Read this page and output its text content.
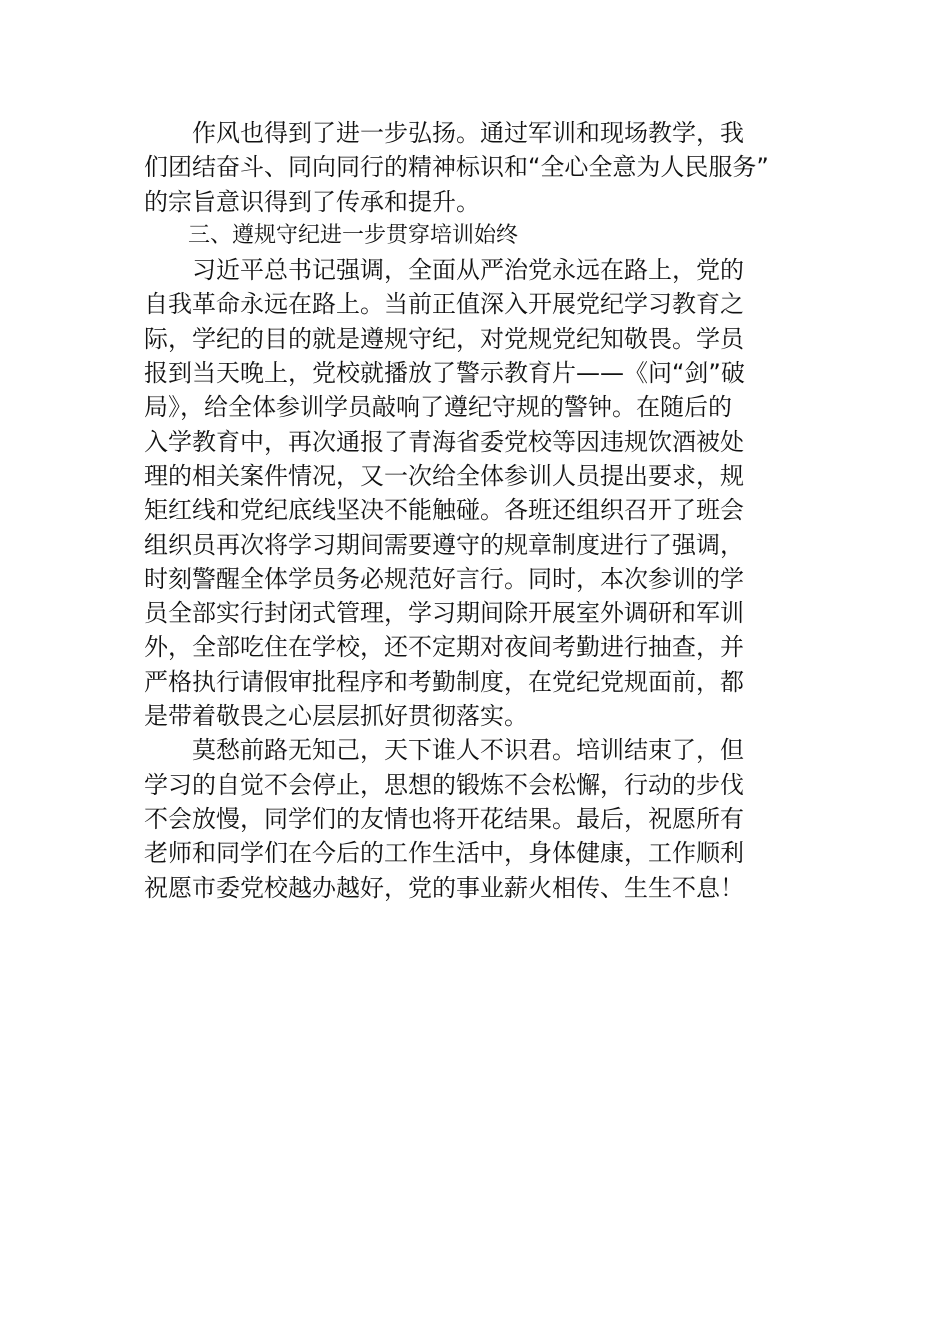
　　作风也得到了进一步弘扬。通过军训和现场教学，我
们团结奋斗、同向同行的精神标识和“全心全意为人民服务”
的宗旨意识得到了传承和提升。

　　三、遵规守纪进一步贯穿培训始终

　　习近平总书记强调，全面从严治党永远在路上，党的
自我革命永远在路上。当前正值深入开展党纪学习教育之
际，学纪的目的就是遵规守纪，对党规党纪知敬畏。学员
报到当天晚上，党校就播放了警示教育片——《问“剑”破
局》，给全体参训学员敲响了遵纪守规的警钟。在随后的
入学教育中，再次通报了青海省委党校等因违规饮酒被处
理的相关案件情况，又一次给全体参训人员提出要求，规
矩红线和党纪底线坚决不能触碰。各班还组织召开了班会
组织员再次将学习期间需要遵守的规章制度进行了强调，
时刻警醒全体学员务必规范好言行。同时，本次参训的学
员全部实行封闭式管理，学习期间除开展室外调研和军训
外，全部吃住在学校，还不定期对夜间考勤进行抽查，并
严格执行请假审批程序和考勤制度，在党纪党规面前，都
是带着敬畏之心层层抓好贯彻落实。

　　莫愁前路无知己，天下谁人不识君。培训结束了，但
学习的自觉不会停止，思想的锻炼不会松懈，行动的步伐
不会放慢，同学们的友情也将开花结果。最后，祝愿所有
老师和同学们在今后的工作生活中，身体健康，工作顺利
祝愿市委党校越办越好，党的事业薪火相传、生生不息！
